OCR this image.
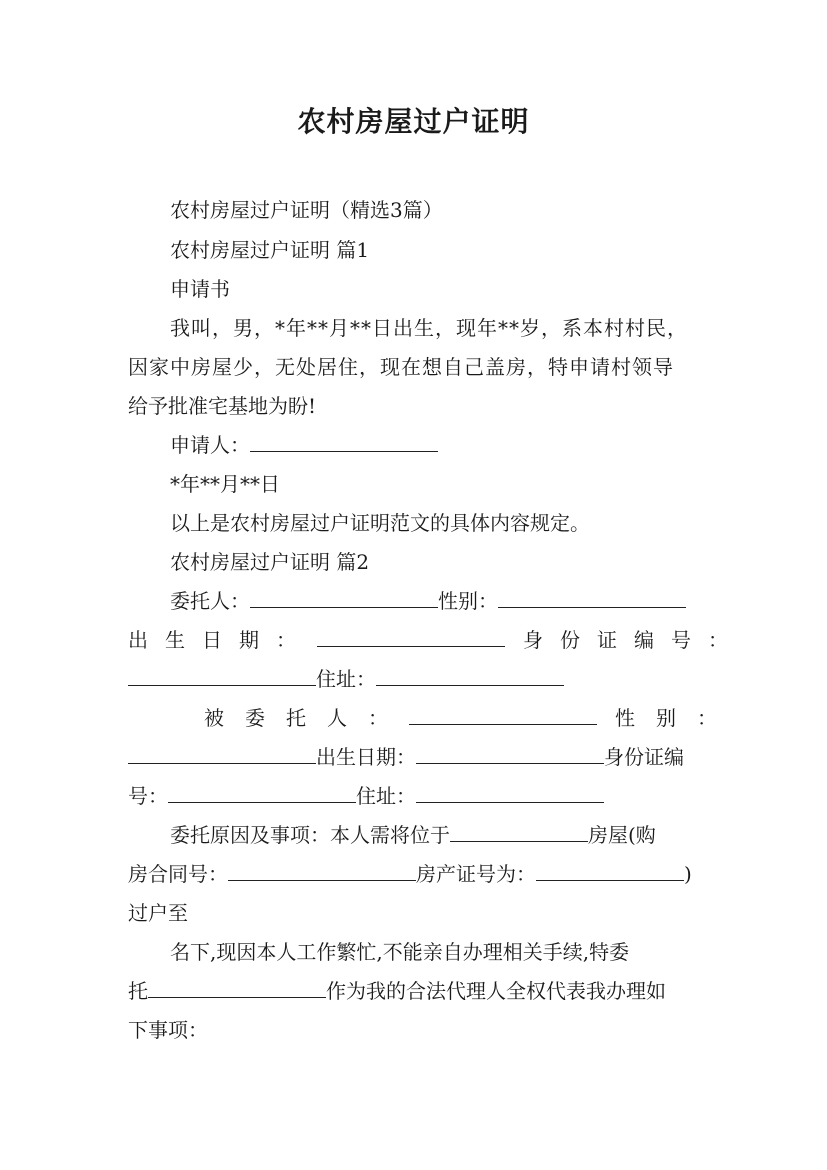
农村房屋过户证明
农村房屋过户证明（精选3篇）
农村房屋过户证明 篇1
申请书
我叫，男，*年**月**日出生，现年**岁，系本村村民，
因家中房屋少，无处居住，现在想自己盖房，特申请村领导
给予批准宅基地为盼!
申请人：
*年**月**日
以上是农村房屋过户证明范文的具体内容规定。
农村房屋过户证明 篇2
委托人：	性别：
出生日期：	身份证编号：
住址：
被委托人：	性别：
出生日期：	身份证编
号：	住址：
委托原因及事项：本人需将位于	房屋(购
房合同号：	房产证号为：	)
过户至
名下,现因本人工作繁忙,不能亲自办理相关手续,特委
托	作为我的合法代理人全权代表我办理如
下事项：
